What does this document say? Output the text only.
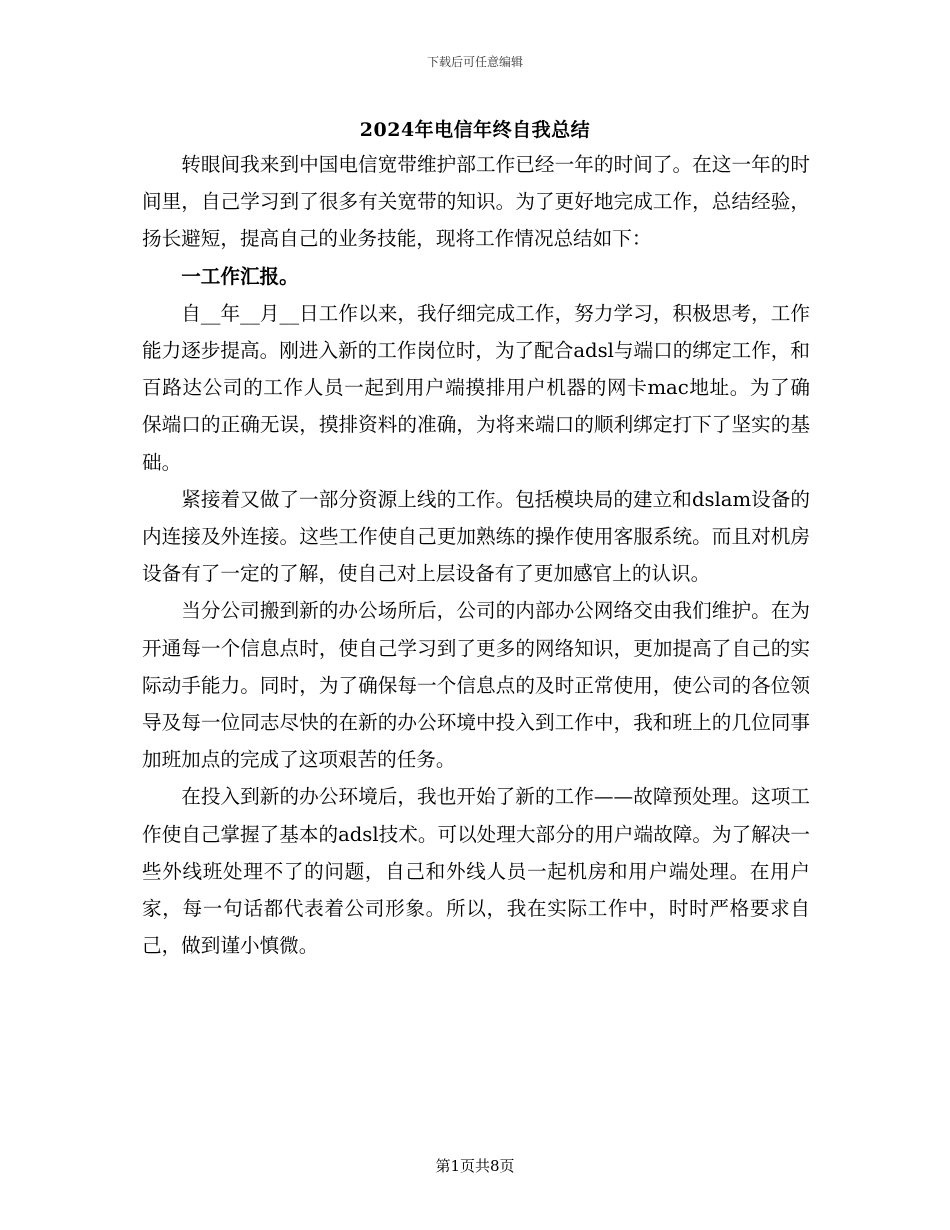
下载后可任意编辑
2024年电信年终自我总结

转眼间我来到中国电信宽带维护部工作已经一年的时间了。在这一年的时间里，自己学习到了很多有关宽带的知识。为了更好地完成工作，总结经验，扬长避短，提高自己的业务技能，现将工作情况总结如下：

一工作汇报。

自__年__月__日工作以来，我仔细完成工作，努力学习，积极思考，工作能力逐步提高。刚进入新的工作岗位时，为了配合adsl与端口的绑定工作，和百路达公司的工作人员一起到用户端摸排用户机器的网卡mac地址。为了确保端口的正确无误，摸排资料的准确，为将来端口的顺利绑定打下了坚实的基础。

紧接着又做了一部分资源上线的工作。包括模块局的建立和dslam设备的内连接及外连接。这些工作使自己更加熟练的操作使用客服系统。而且对机房设备有了一定的了解，使自己对上层设备有了更加感官上的认识。

当分公司搬到新的办公场所后，公司的内部办公网络交由我们维护。在为开通每一个信息点时，使自己学习到了更多的网络知识，更加提高了自己的实际动手能力。同时，为了确保每一个信息点的及时正常使用，使公司的各位领导及每一位同志尽快的在新的办公环境中投入到工作中，我和班上的几位同事加班加点的完成了这项艰苦的任务。

在投入到新的办公环境后，我也开始了新的工作——故障预处理。这项工作使自己掌握了基本的adsl技术。可以处理大部分的用户端故障。为了解决一些外线班处理不了的问题，自己和外线人员一起机房和用户端处理。在用户家，每一句话都代表着公司形象。所以，我在实际工作中，时时严格要求自己，做到谨小慎微。

第1页共8页
